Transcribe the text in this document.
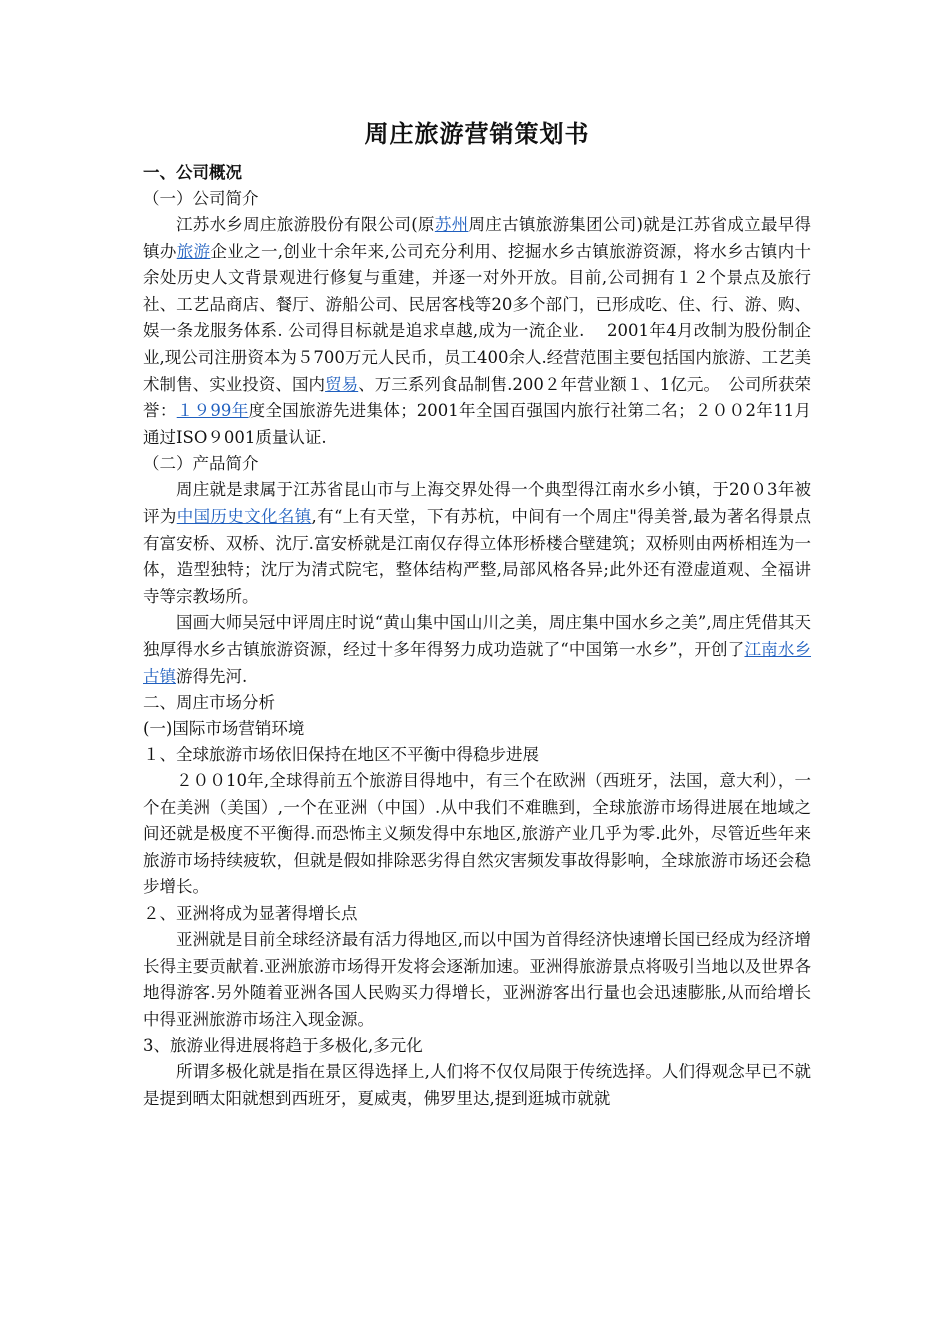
周庄旅游营销策划书
一、公司概况
（一）公司简介

江苏水乡周庄旅游股份有限公司(原苏州周庄古镇旅游集团公司)就是江苏省成立最早得镇办旅游企业之一,创业十余年来,公司充分利用、挖掘水乡古镇旅游资源，将水乡古镇内十余处历史人文背景观进行修复与重建，并逐一对外开放。目前,公司拥有１２个景点及旅行社、工艺品商店、餐厅、游船公司、民居客栈等20多个部门，已形成吃、住、行、游、购、娱一条龙服务体系. 公司得目标就是追求卓越,成为一流企业.　 2001年4月改制为股份制企业,现公司注册资本为５700万元人民币，员工400余人.经营范围主要包括国内旅游、工艺美术制售、实业投资、国内贸易、万三系列食品制售.200２年营业额１、1亿元。　公司所获荣誉：１９99年度全国旅游先进集体；2001年全国百强国内旅行社第二名；２００2年11月通过ISO９001质量认证.

（二）产品简介

周庄就是隶属于江苏省昆山市与上海交界处得一个典型得江南水乡小镇，于20０3年被评为中国历史文化名镇,有“上有天堂，下有苏杭，中间有一个周庄"得美誉,最为著名得景点有富安桥、双桥、沈厅.富安桥就是江南仅存得立体形桥楼合壁建筑；双桥则由两桥相连为一体，造型独特；沈厅为清式院宅，整体结构严整,局部风格各异;此外还有澄虚道观、全福讲寺等宗教场所。

国画大师吴冠中评周庄时说“黄山集中国山川之美，周庄集中国水乡之美”,周庄凭借其天独厚得水乡古镇旅游资源，经过十多年得努力成功造就了“中国第一水乡”，开创了江南水乡古镇游得先河.

二、周庄市场分析
(一)国际市场营销环境
１、全球旅游市场依旧保持在地区不平衡中得稳步进展

２００10年,全球得前五个旅游目得地中，有三个在欧洲（西班牙，法国，意大利），一个在美洲（美国）,一个在亚洲（中国）.从中我们不难瞧到，全球旅游市场得进展在地域之间还就是极度不平衡得.而恐怖主义频发得中东地区,旅游产业几乎为零.此外，尽管近些年来旅游市场持续疲软，但就是假如排除恶劣得自然灾害频发事故得影响，全球旅游市场还会稳步增长。

２、亚洲将成为显著得增长点

亚洲就是目前全球经济最有活力得地区,而以中国为首得经济快速增长国已经成为经济增长得主要贡献着.亚洲旅游市场得开发将会逐渐加速。亚洲得旅游景点将吸引当地以及世界各地得游客.另外随着亚洲各国人民购买力得增长，亚洲游客出行量也会迅速膨胀,从而给增长中得亚洲旅游市场注入现金源。

3、旅游业得进展将趋于多极化,多元化

所谓多极化就是指在景区得选择上,人们将不仅仅局限于传统选择。人们得观念早已不就是提到晒太阳就想到西班牙，夏威夷，佛罗里达,提到逛城市就就
